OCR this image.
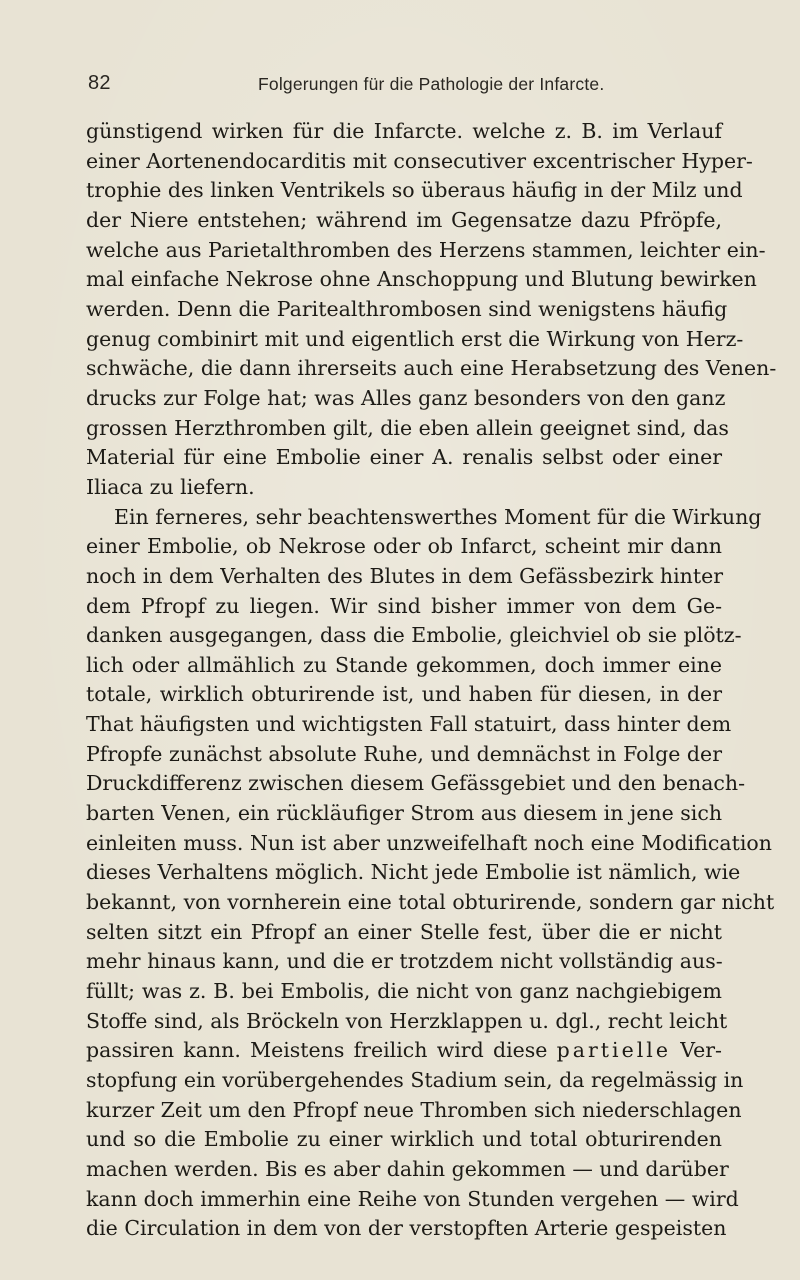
82	Folgerungen für die Pathologie der Infarcte.

günstigend wirken für die Infarcte. welche z. B. im Verlauf
einer Aortenendocarditis mit consecutiver excentrischer Hyper-
trophie des linken Ventrikels so überaus häufig in der Milz und
der Niere entstehen; während im Gegensatze dazu Pfröpfe,
welche aus Parietalthromben des Herzens stammen, leichter ein-
mal einfache Nekrose ohne Anschoppung und Blutung bewirken
werden. Denn die Paritealthrombosen sind wenigstens häufig
genug combinirt mit und eigentlich erst die Wirkung von Herz-
schwäche, die dann ihrerseits auch eine Herabsetzung des Venen-
drucks zur Folge hat; was Alles ganz besonders von den ganz
grossen Herzthromben gilt, die eben allein geeignet sind, das
Material für eine Embolie einer A. renalis selbst oder einer
Iliaca zu liefern.

Ein ferneres, sehr beachtenswerthes Moment für die Wirkung
einer Embolie, ob Nekrose oder ob Infarct, scheint mir dann
noch in dem Verhalten des Blutes in dem Gefässbezirk hinter
dem Pfropf zu liegen. Wir sind bisher immer von dem Ge-
danken ausgegangen, dass die Embolie, gleichviel ob sie plötz-
lich oder allmählich zu Stande gekommen, doch immer eine
totale, wirklich obturirende ist, und haben für diesen, in der
That häufigsten und wichtigsten Fall statuirt, dass hinter dem
Pfropfe zunächst absolute Ruhe, und demnächst in Folge der
Druckdifferenz zwischen diesem Gefässgebiet und den benach-
barten Venen, ein rückläufiger Strom aus diesem in jene sich
einleiten muss. Nun ist aber unzweifelhaft noch eine Modification
dieses Verhaltens möglich. Nicht jede Embolie ist nämlich, wie
bekannt, von vornherein eine total obturirende, sondern gar nicht
selten sitzt ein Pfropf an einer Stelle fest, über die er nicht
mehr hinaus kann, und die er trotzdem nicht vollständig aus-
füllt; was z. B. bei Embolis, die nicht von ganz nachgiebigem
Stoffe sind, als Bröckeln von Herzklappen u. dgl., recht leicht
passiren kann. Meistens freilich wird diese partielle Ver-
stopfung ein vorübergehendes Stadium sein, da regelmässig in
kurzer Zeit um den Pfropf neue Thromben sich niederschlagen
und so die Embolie zu einer wirklich und total obturirenden
machen werden. Bis es aber dahin gekommen — und darüber
kann doch immerhin eine Reihe von Stunden vergehen — wird
die Circulation in dem von der verstopften Arterie gespeisten
